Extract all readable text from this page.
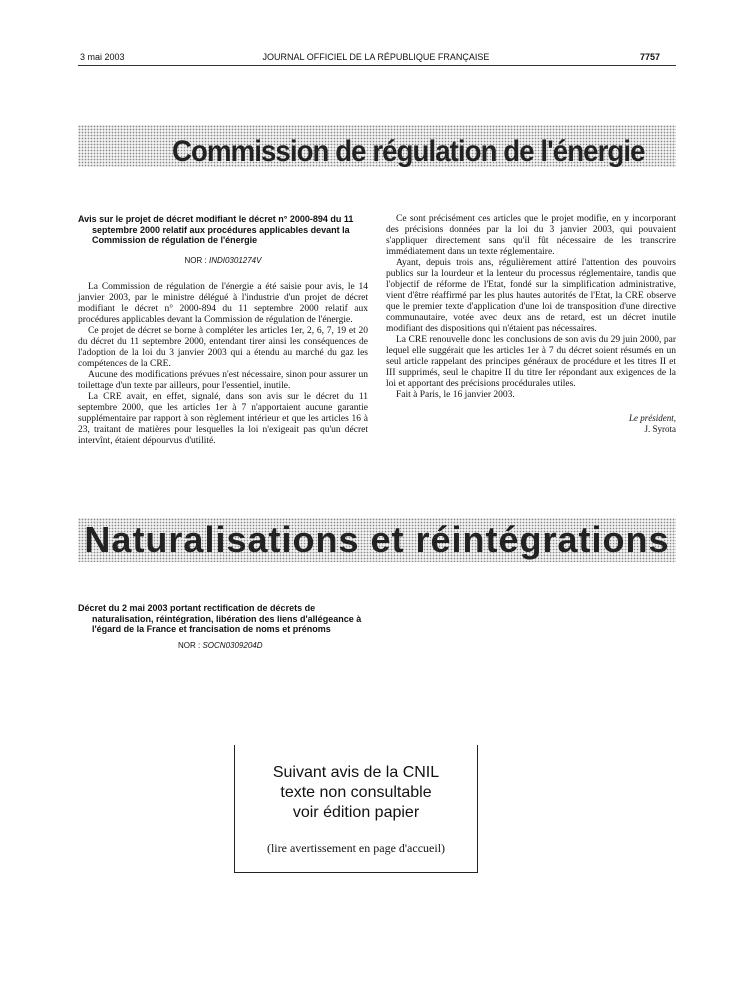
3 mai 2003	JOURNAL OFFICIEL DE LA RÉPUBLIQUE FRANÇAISE	7757
Commission de régulation de l'énergie

Avis sur le projet de décret modifiant le décret n° 2000-894 du 11 septembre 2000 relatif aux procédures applicables devant la Commission de régulation de l'énergie

NOR : INDI0301274V

La Commission de régulation de l'énergie a été saisie pour avis, le 14 janvier 2003, par le ministre délégué à l'industrie d'un projet de décret modifiant le décret n° 2000-894 du 11 septembre 2000 relatif aux procédures applicables devant la Commission de régulation de l'énergie.

Ce projet de décret se borne à compléter les articles 1er, 2, 6, 7, 19 et 20 du décret du 11 septembre 2000, entendant tirer ainsi les conséquences de l'adoption de la loi du 3 janvier 2003 qui a étendu au marché du gaz les compétences de la CRE.

Aucune des modifications prévues n'est nécessaire, sinon pour assurer un toilettage d'un texte par ailleurs, pour l'essentiel, inutile.

La CRE avait, en effet, signalé, dans son avis sur le décret du 11 septembre 2000, que les articles 1er à 7 n'apportaient aucune garantie supplémentaire par rapport à son règlement intérieur et que les articles 16 à 23, traitant de matières pour lesquelles la loi n'exigeait pas qu'un décret intervînt, étaient dépourvus d'utilité.

Ce sont précisément ces articles que le projet modifie, en y incorporant des précisions données par la loi du 3 janvier 2003, qui pouvaient s'appliquer directement sans qu'il fût nécessaire de les transcrire immédiatement dans un texte réglementaire.

Ayant, depuis trois ans, régulièrement attiré l'attention des pouvoirs publics sur la lourdeur et la lenteur du processus réglementaire, tandis que l'objectif de réforme de l'Etat, fondé sur la simplification administrative, vient d'être réaffirmé par les plus hautes autorités de l'Etat, la CRE observe que le premier texte d'application d'une loi de transposition d'une directive communautaire, votée avec deux ans de retard, est un décret inutile modifiant des dispositions qui n'étaient pas nécessaires.

La CRE renouvelle donc les conclusions de son avis du 29 juin 2000, par lequel elle suggérait que les articles 1er à 7 du décret soient résumés en un seul article rappelant des principes généraux de procédure et les titres II et III supprimés, seul le chapitre II du titre Ier répondant aux exigences de la loi et apportant des précisions procédurales utiles.

Fait à Paris, le 16 janvier 2003.

Le président,

J. Syrota

Naturalisations et réintégrations

Décret du 2 mai 2003 portant rectification de décrets de naturalisation, réintégration, libération des liens d'allégeance à l'égard de la France et francisation de noms et prénoms

NOR : SOCN0309204D
Suivant avis de la CNIL
texte non consultable
voir édition papier
(lire avertissement en page d'accueil)
